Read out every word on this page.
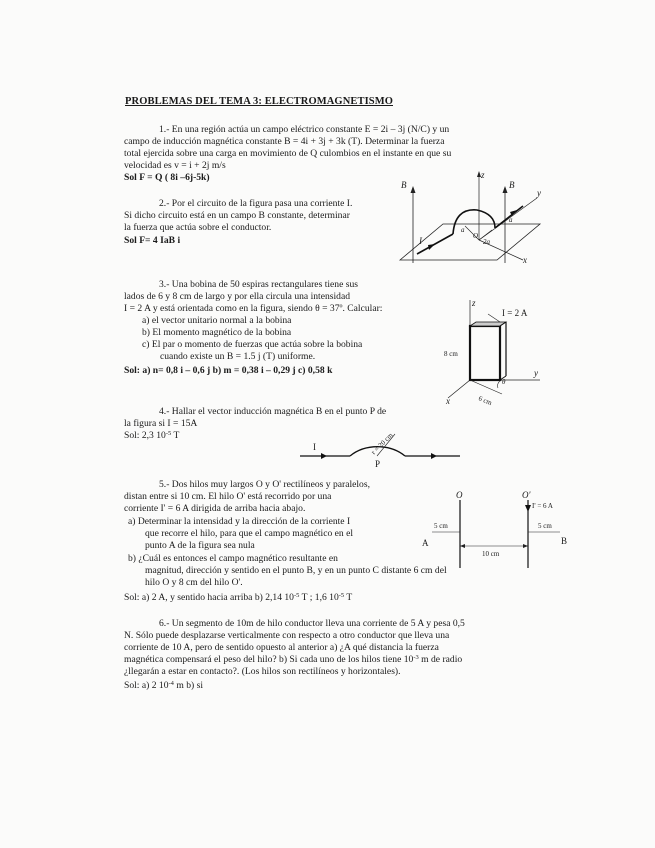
PROBLEMAS DEL TEMA 3: ELECTROMAGNETISMO
1.- En una región actúa un campo eléctrico constante E = 2i – 3j (N/C) y un
campo de inducción magnética constante B = 4i + 3j + 3k (T). Determinar la fuerza
total ejercida sobre una carga en movimiento de Q culombios en el instante en que su
velocidad es v = i + 2j m/s
Sol F = Q ( 8i –6j-5k)
2.- Por el circuito de la figura pasa una corriente I.
Si dicho circuito está en un campo B constante, determinar
la fuerza que actúa sobre el conductor.
Sol F= 4 IaB i
B	B
z
y
x
I
a
O
2a
a
3.- Una bobina de 50 espiras rectangulares tiene sus
lados de 6 y 8 cm de largo y por ella circula una intensidad
I = 2 A y está orientada como en la figura, siendo θ = 37º. Calcular:
a) el vector unitario normal a la bobina
b) El momento magnético de la bobina
c) El par o momento de fuerzas que actúa sobre la bobina
cuando existe un B = 1.5 j (T) uniforme.
Sol: a) n= 0,8 i – 0,6 j b) m = 0,38 i – 0,29 j c) 0,58 k
z
I = 2 A
8 cm
y
θ
x	6 cm
4.- Hallar el vector inducción magnética B en el punto P de
la figura si I = 15A
Sol: 2,3 $10^{-5}$ T
I	r = 20 cm
P
5.- Dos hilos muy largos O y O' rectilíneos y paralelos,
distan entre si 10 cm. El hilo O' está recorrido por una
corriente I' = 6 A dirigida de arriba hacia abajo.
a) Determinar la intensidad y la dirección de la corriente I
que recorre el hilo, para que el campo magnético en el
punto A de la figura sea nula
b) ¿Cuál es entonces el campo magnético resultante en
magnitud, dirección y sentido en el punto B, y en un punto C distante 6 cm del
hilo O y 8 cm del hilo O'.
Sol: a) 2 A, y sentido hacia arriba b) 2,14 $10^{-5}$ T ; 1,6 $10^{-5}$ T
O	O'
I' = 6 A
5 cm	5 cm
A	B
10 cm
6.- Un segmento de 10m de hilo conductor lleva una corriente de 5 A y pesa 0,5
N. Sólo puede desplazarse verticalmente con respecto a otro conductor que lleva una
corriente de 10 A, pero de sentido opuesto al anterior a) ¿A qué distancia la fuerza
magnética compensará el peso del hilo? b) Si cada uno de los hilos tiene $10^{-3}$ m de radio
¿llegarán a estar en contacto?. (Los hilos son rectilíneos y horizontales).
Sol: a) 2 $10^{-4}$ m b) si
